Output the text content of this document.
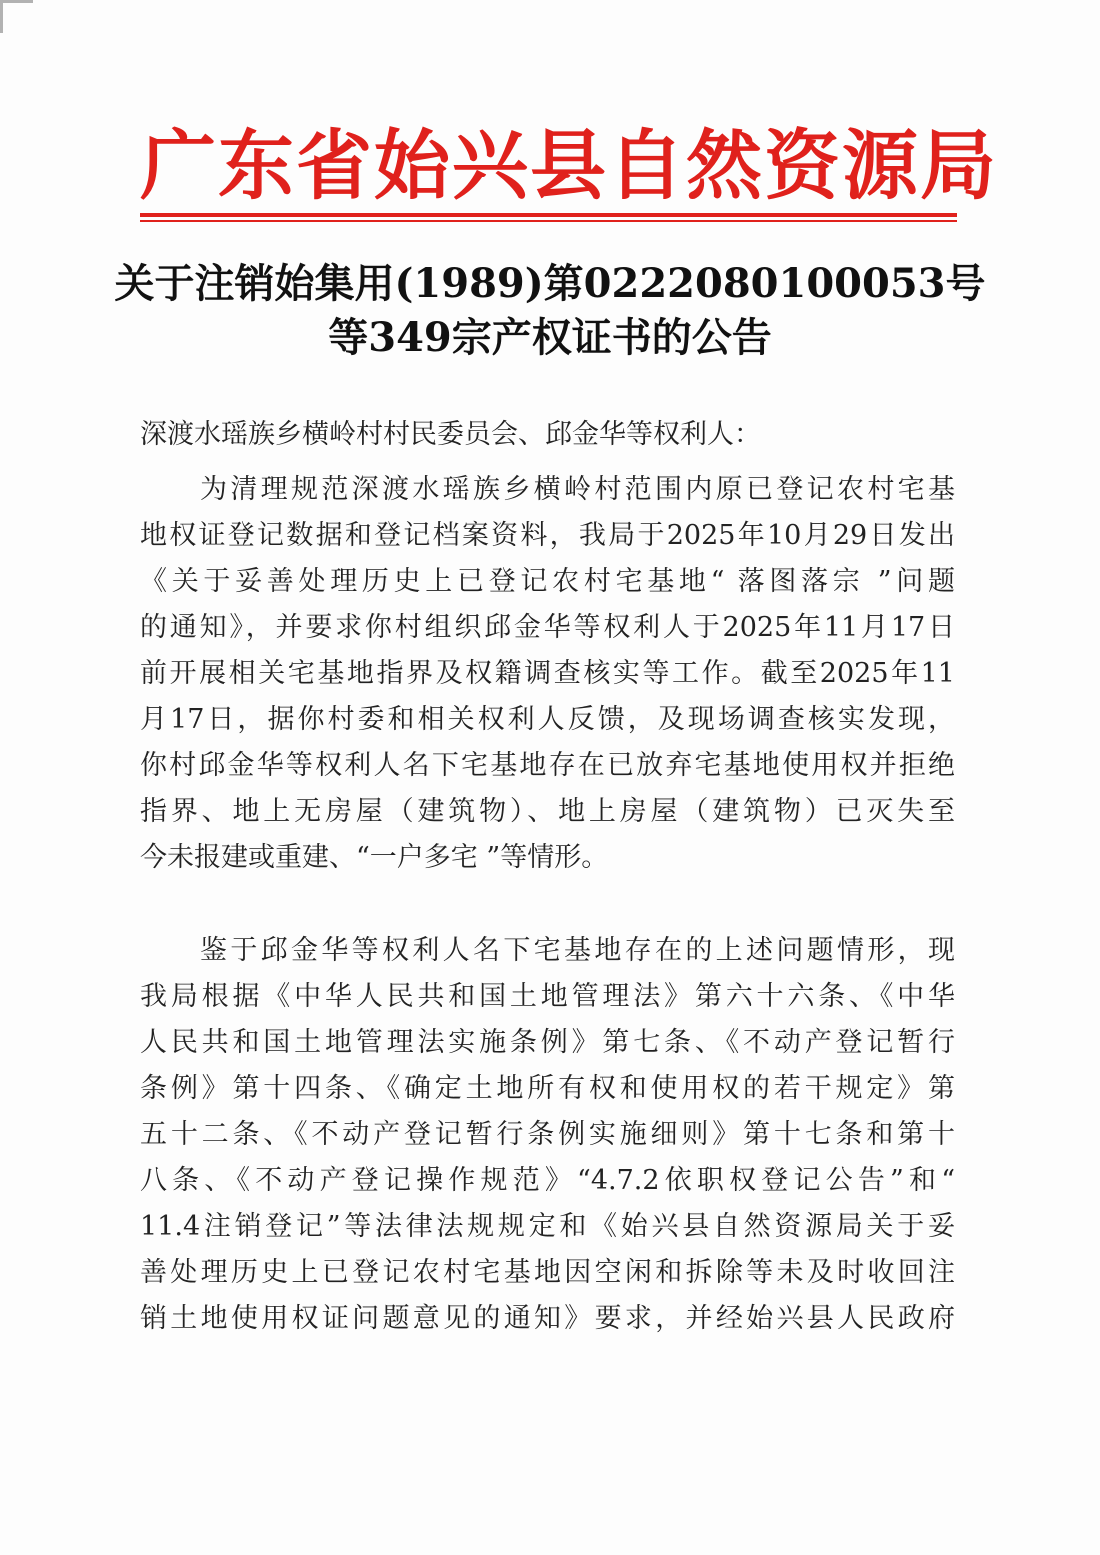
广东省始兴县自然资源局
关于注销始集用(1989)第0222080100053号
等349宗产权证书的公告
深渡水瑶族乡横岭村村民委员会、邱金华等权利人：
为清理规范深渡水瑶族乡横岭村范围内原已登记农村宅基
地权证登记数据和登记档案资料，我局于2025年10月29日发出
《关于妥善处理历史上已登记农村宅基地“ 落图落宗 ”问题
的通知》，并要求你村组织邱金华等权利人于2025年11月17日
前开展相关宅基地指界及权籍调查核实等工作。截至2025年11
月17日，据你村委和相关权利人反馈，及现场调查核实发现，
你村邱金华等权利人名下宅基地存在已放弃宅基地使用权并拒绝
指界、地上无房屋（建筑物）、地上房屋（建筑物）已灭失至
今未报建或重建、“一户多宅 ”等情形。
鉴于邱金华等权利人名下宅基地存在的上述问题情形，现
我局根据《中华人民共和国土地管理法》第六十六条、《中华
人民共和国土地管理法实施条例》第七条、《不动产登记暂行
条例》第十四条、《确定土地所有权和使用权的若干规定》第
五十二条、《不动产登记暂行条例实施细则》第十七条和第十
八条、《不动产登记操作规范》“4.7.2依职权登记公告”和“
11.4注销登记”等法律法规规定和《始兴县自然资源局关于妥
善处理历史上已登记农村宅基地因空闲和拆除等未及时收回注
销土地使用权证问题意见的通知》要求，并经始兴县人民政府
